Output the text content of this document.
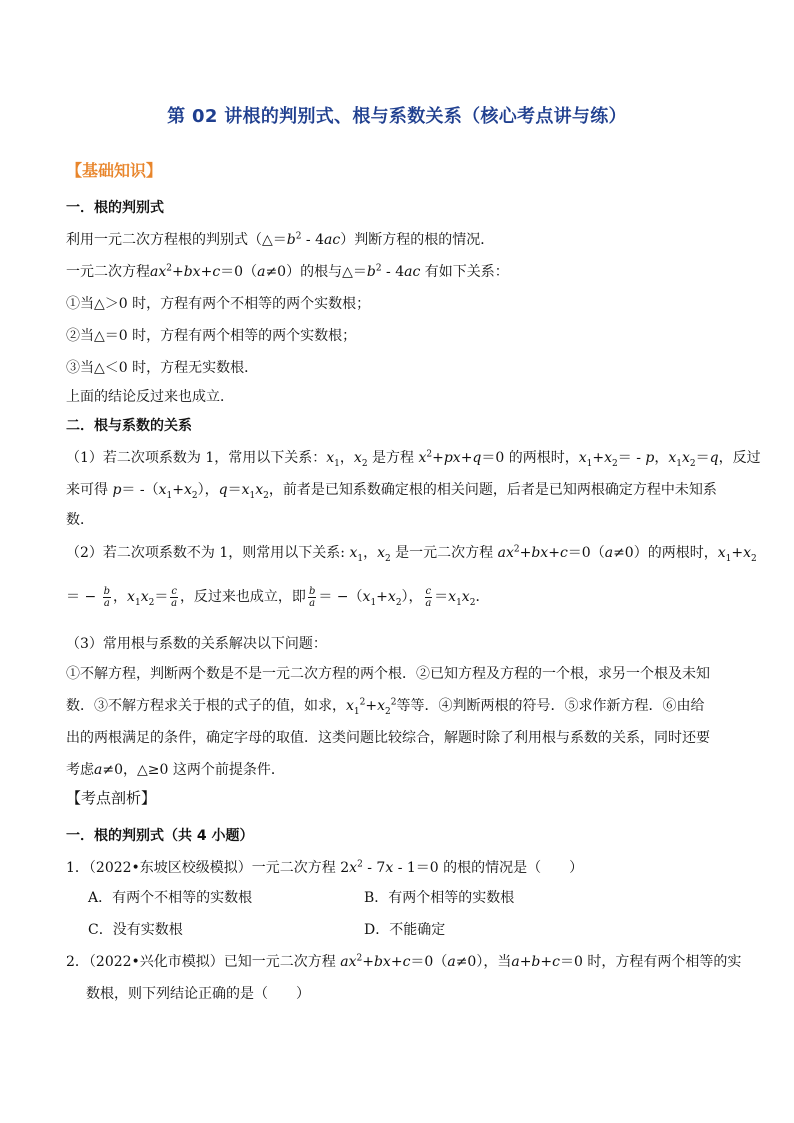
第 02 讲根的判别式、根与系数关系（核心考点讲与练）
【基础知识】
一．根的判别式
利用一元二次方程根的判别式$(\triangle=b^2 - 4ac)$判断方程的根的情况．
一元二次方程$ax^2+bx+c=0(a\ne 0)$的根与$\triangle=b^2 - 4ac$ 有如下关系：
①当△＞0 时，方程有两个不相等的两个实数根；
②当△＝0 时，方程有两个相等的两个实数根；
③当△＜0 时，方程无实数根．
上面的结论反过来也成立．
二．根与系数的关系
（1）若二次项系数为 1，常用以下关系：$x_1$，$x_2$ 是方程 $x^2+px+q=0$ 的两根时，$x_1+x_2= - p$，$x_1x_2=q$，反过
来可得 $p= -(x_1+x_2)$，$q=x_1x_2$，前者是已知系数确定根的相关问题，后者是已知两根确定方程中未知系
数．
（2）若二次项系数不为 1，则常用以下关系: $x_1$，$x_2$ 是一元二次方程 $ax^2+bx+c=0(a\ne 0)$的两根时，$x_1+x_2$
＝ − $\frac{b}{a}$ ，$x_1x_2= \frac{c}{a}$ ，反过来也成立，即 $\frac{b}{a} = -(x_1+x_2)$， $\frac{c}{a} =x_1x_2$．
（3）常用根与系数的关系解决以下问题：
①不解方程，判断两个数是不是一元二次方程的两个根．②已知方程及方程的一个根，求另一个根及未知
数．③不解方程求关于根的式子的值，如求，$x_1^2+x_2^2$等等．④判断两根的符号．⑤求作新方程．⑥由给
出的两根满足的条件，确定字母的取值．这类问题比较综合，解题时除了利用根与系数的关系，同时还要
考虑a≠0，△≥0 这两个前提条件．
【考点剖析】
一．根的判别式（共 4 小题）
1．（2022•东坡区校级模拟）一元二次方程 $2x^2 - 7x - 1=0$ 的根的情况是（　　）
A．有两个不相等的实数根	B．有两个相等的实数根
C．没有实数根	D．不能确定
2．（2022•兴化市模拟）已知一元二次方程 $ax^2+bx+c=0(a\ne 0)$，当a+b+c＝0 时，方程有两个相等的实
数根，则下列结论正确的是（　　）
